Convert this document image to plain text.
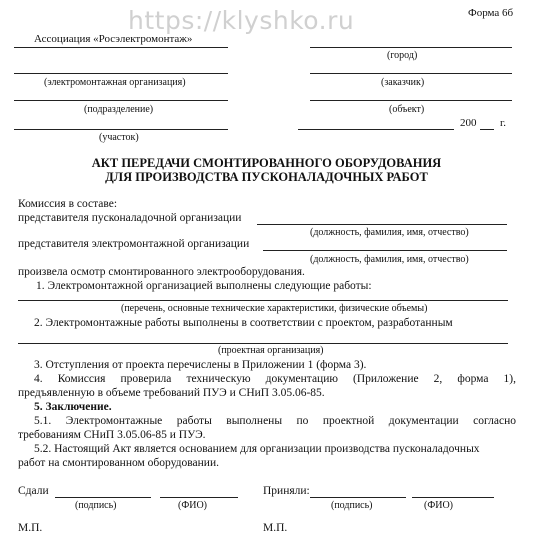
https://klyshko.ru	Форма 6б
Ассоциация «Росэлектромонтаж»
(город)
(электромонтажная организация)	(заказчик)
(подразделение)	(объект)
200 г.
(участок)
АКТ ПЕРЕДАЧИ СМОНТИРОВАННОГО ОБОРУДОВАНИЯ
ДЛЯ ПРОИЗВОДСТВА ПУСКОНАЛАДОЧНЫХ РАБОТ
Комиссия в составе:
представителя пусконаладочной организации
(должность, фамилия, имя, отчество)
представителя электромонтажной организации
(должность, фамилия, имя, отчество)
произвела осмотр смонтированного электрооборудования.
1. Электромонтажной организацией выполнены следующие работы:
(перечень, основные технические характеристики, физические объемы)
2. Электромонтажные работы выполнены в соответствии с проектом, разработанным
(проектная организация)
3. Отступления от проекта перечислены в Приложении 1 (форма 3).
4. Комиссия проверила техническую документацию (Приложение 2, форма 1),
предъявленную в объеме требований ПУЭ и СНиП 3.05.06-85.
5. Заключение.
5.1. Электромонтажные работы выполнены по проектной документации согласно
требованиям СНиП 3.05.06-85 и ПУЭ.
5.2. Настоящий Акт является основанием для организации производства пусконаладочных
работ на смонтированном оборудовании.
Сдали	Приняли:
(подпись)	(ФИО)	(подпись)	(ФИО)
М.П.	М.П.
